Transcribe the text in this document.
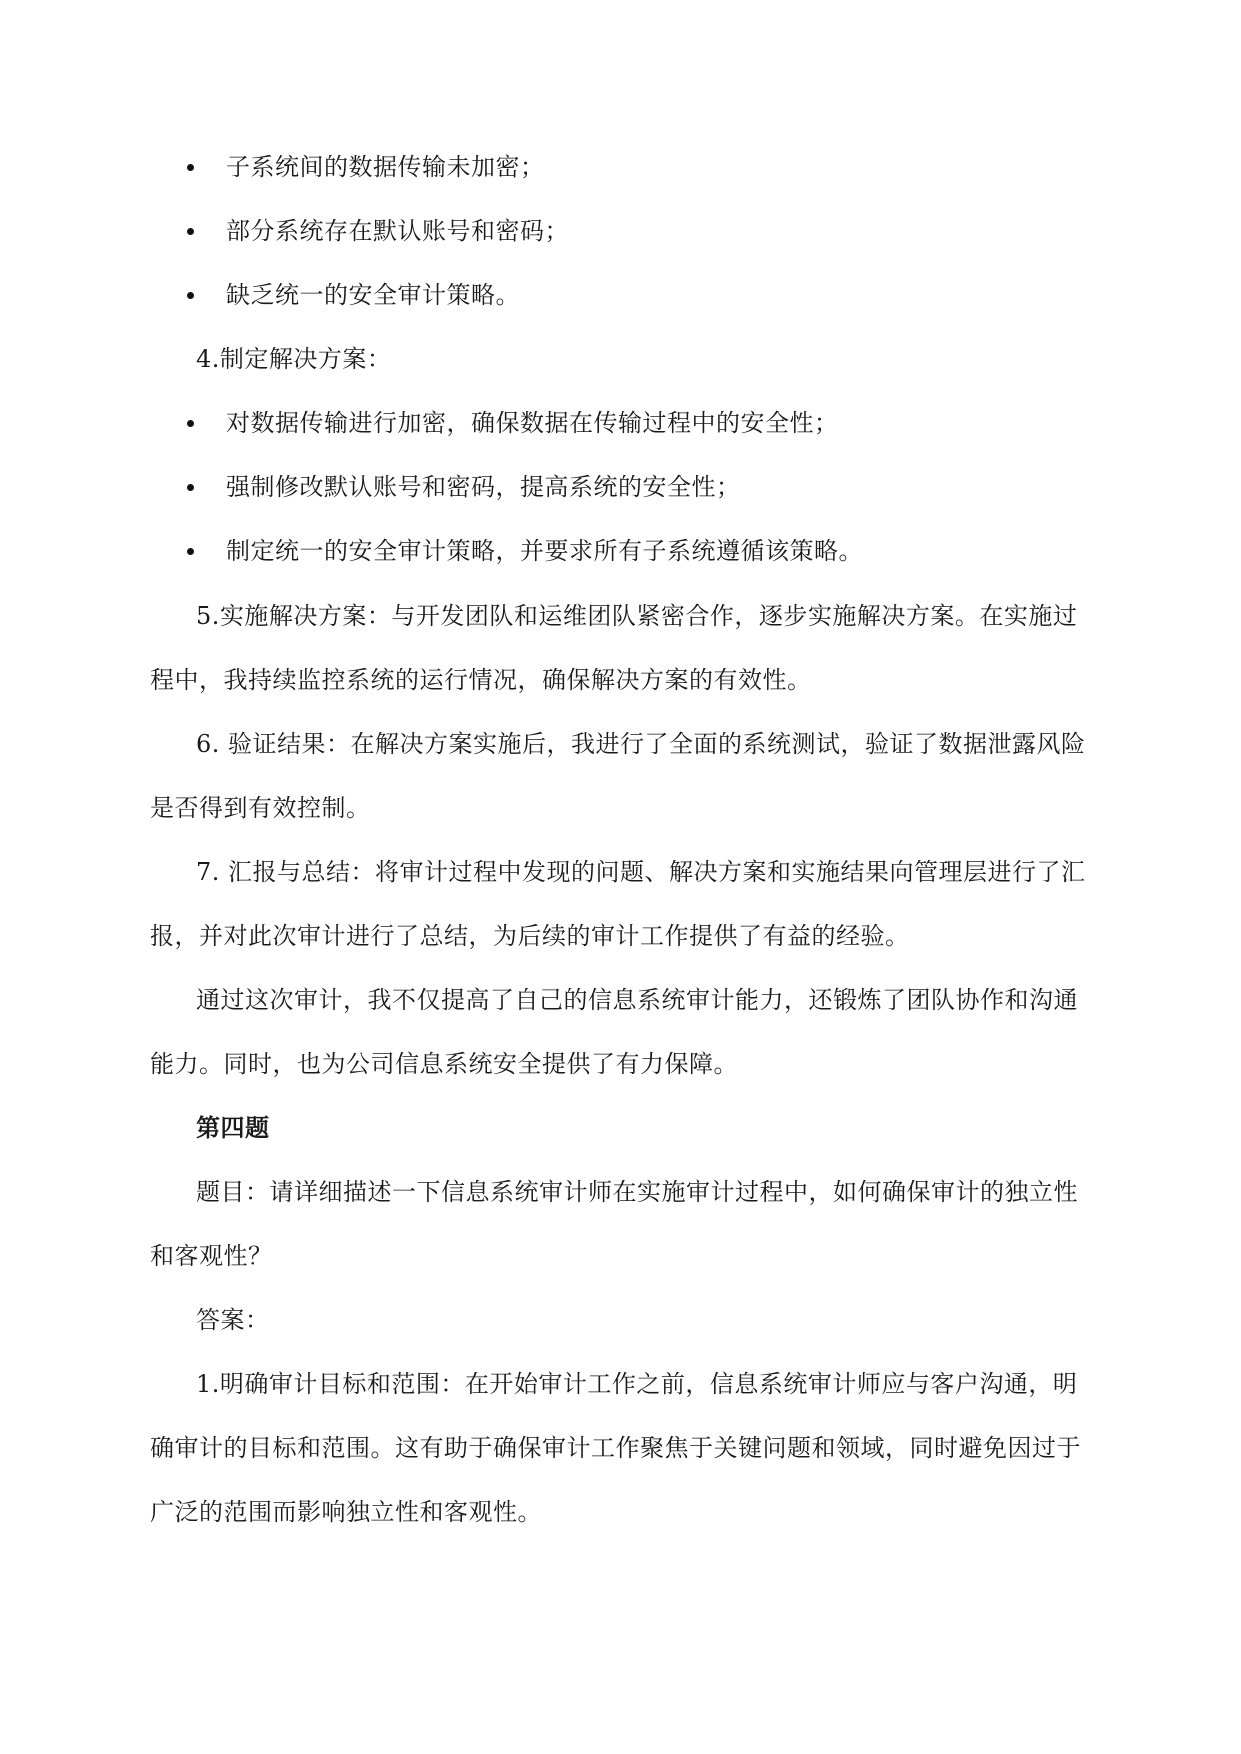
子系统间的数据传输未加密；
部分系统存在默认账号和密码；
缺乏统一的安全审计策略。
4.制定解决方案：
对数据传输进行加密，确保数据在传输过程中的安全性；
强制修改默认账号和密码，提高系统的安全性；
制定统一的安全审计策略，并要求所有子系统遵循该策略。
5.实施解决方案：与开发团队和运维团队紧密合作，逐步实施解决方案。在实施过
程中，我持续监控系统的运行情况，确保解决方案的有效性。
6. 验证结果：在解决方案实施后，我进行了全面的系统测试，验证了数据泄露风险
是否得到有效控制。
7. 汇报与总结：将审计过程中发现的问题、解决方案和实施结果向管理层进行了汇
报，并对此次审计进行了总结，为后续的审计工作提供了有益的经验。
通过这次审计，我不仅提高了自己的信息系统审计能力，还锻炼了团队协作和沟通
能力。同时，也为公司信息系统安全提供了有力保障。
第四题
题目：请详细描述一下信息系统审计师在实施审计过程中，如何确保审计的独立性
和客观性？
答案：
1.明确审计目标和范围：在开始审计工作之前，信息系统审计师应与客户沟通，明
确审计的目标和范围。这有助于确保审计工作聚焦于关键问题和领域，同时避免因过于
广泛的范围而影响独立性和客观性。
